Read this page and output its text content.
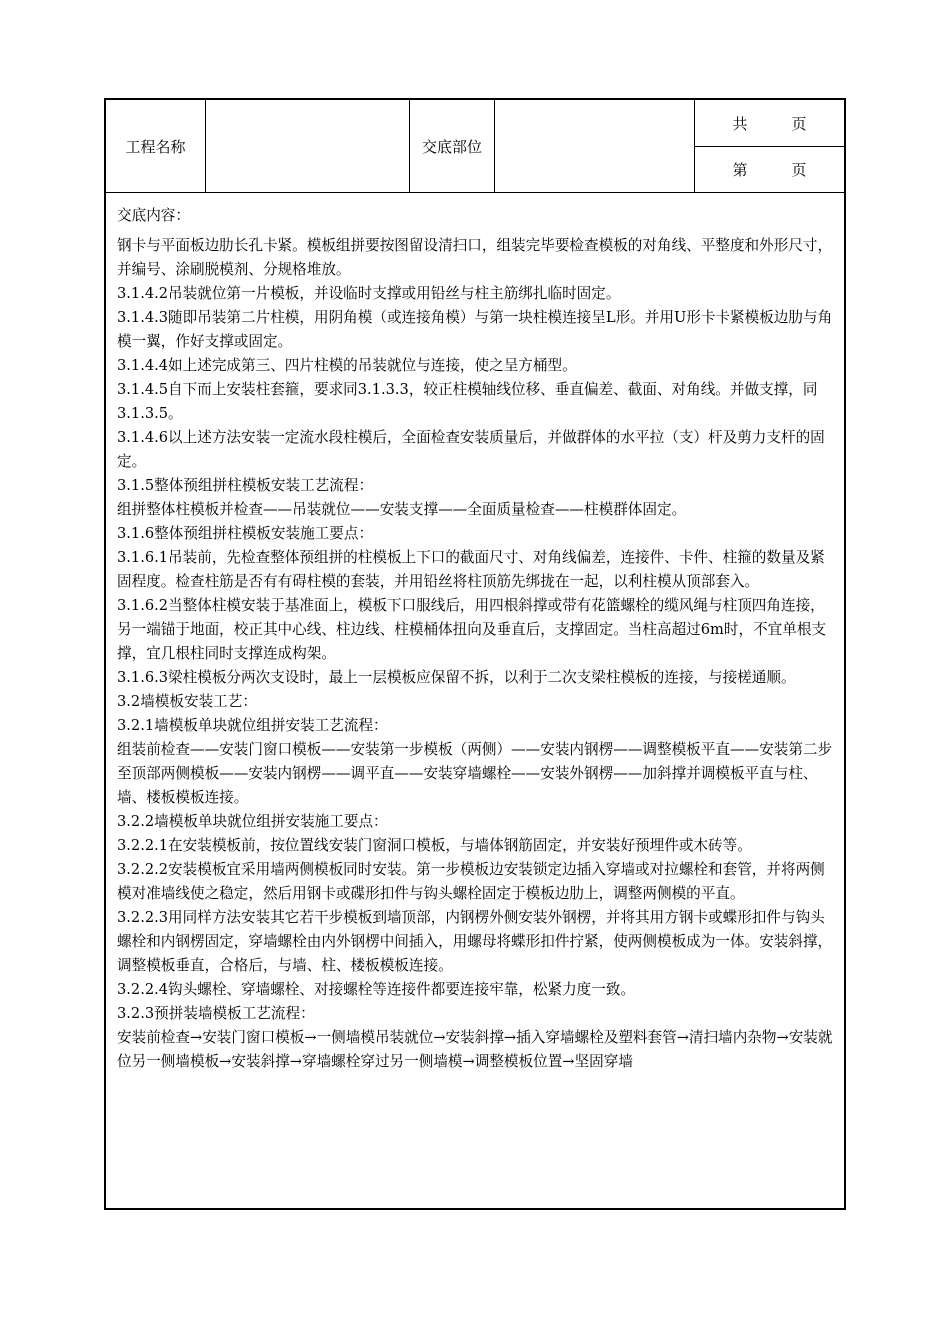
工程名称	交底部位
共	页
第	页

交底内容：

钢卡与平面板边肋长孔卡紧。模板组拼要按图留设清扫口，组装完毕要检查模板的对角线、平整度和外形尺寸，并编号、涂刷脱模剂、分规格堆放。

3.1.4.2吊装就位第一片模板，并设临时支撑或用铅丝与柱主筋绑扎临时固定。

3.1.4.3随即吊装第二片柱模，用阴角模（或连接角模）与第一块柱模连接呈L形。并用U形卡卡紧模板边肋与角模一翼，作好支撑或固定。

3.1.4.4如上述完成第三、四片柱模的吊装就位与连接，使之呈方桶型。

3.1.4.5自下而上安装柱套箍，要求同3.1.3.3，较正柱模轴线位移、垂直偏差、截面、对角线。并做支撑，同3.1.3.5。

3.1.4.6以上述方法安装一定流水段柱模后，全面检查安装质量后，并做群体的水平拉（支）杆及剪力支杆的固定。

3.1.5整体预组拼柱模板安装工艺流程：

组拼整体柱模板并检查——吊装就位——安装支撑——全面质量检查——柱模群体固定。

3.1.6整体预组拼柱模板安装施工要点：

3.1.6.1吊装前，先检查整体预组拼的柱模板上下口的截面尺寸、对角线偏差，连接件、卡件、柱箍的数量及紧固程度。检查柱筋是否有有碍柱模的套装，并用铅丝将柱顶筋先绑拢在一起，以利柱模从顶部套入。

3.1.6.2当整体柱模安装于基准面上，模板下口服线后，用四根斜撑或带有花篮螺栓的缆风绳与柱顶四角连接，另一端锚于地面，校正其中心线、柱边线、柱模桶体扭向及垂直后，支撑固定。当柱高超过6m时，不宜单根支撑，宜几根柱同时支撑连成构架。

3.1.6.3梁柱模板分两次支设时，最上一层模板应保留不拆，以利于二次支梁柱模板的连接，与接槎通顺。

3.2墙模板安装工艺：

3.2.1墙模板单块就位组拼安装工艺流程：

组装前检查——安装门窗口模板——安装第一步模板（两侧）——安装内钢楞——调整模板平直——安装第二步至顶部两侧模板——安装内钢楞——调平直——安装穿墙螺栓——安装外钢楞——加斜撑并调模板平直与柱、墙、楼板模板连接。

3.2.2墙模板单块就位组拼安装施工要点：

3.2.2.1在安装模板前，按位置线安装门窗洞口模板，与墙体钢筋固定，并安装好预埋件或木砖等。

3.2.2.2安装模板宜采用墙两侧模板同时安装。第一步模板边安装锁定边插入穿墙或对拉螺栓和套管，并将两侧模对准墙线使之稳定，然后用钢卡或碟形扣件与钩头螺栓固定于模板边肋上，调整两侧模的平直。

3.2.2.3用同样方法安装其它若干步模板到墙顶部，内钢楞外侧安装外钢楞，并将其用方钢卡或蝶形扣件与钩头螺栓和内钢楞固定，穿墙螺栓由内外钢楞中间插入，用螺母将蝶形扣件拧紧，使两侧模板成为一体。安装斜撑，调整模板垂直，合格后，与墙、柱、楼板模板连接。

3.2.2.4钩头螺栓、穿墙螺栓、对接螺栓等连接件都要连接牢靠，松紧力度一致。

3.2.3预拼装墙模板工艺流程：

安装前检查→安装门窗口模板→一侧墙模吊装就位→安装斜撑→插入穿墙螺栓及塑料套管→清扫墙内杂物→安装就位另一侧墙模板→安装斜撑→穿墙螺栓穿过另一侧墙模→调整模板位置→坚固穿墙
